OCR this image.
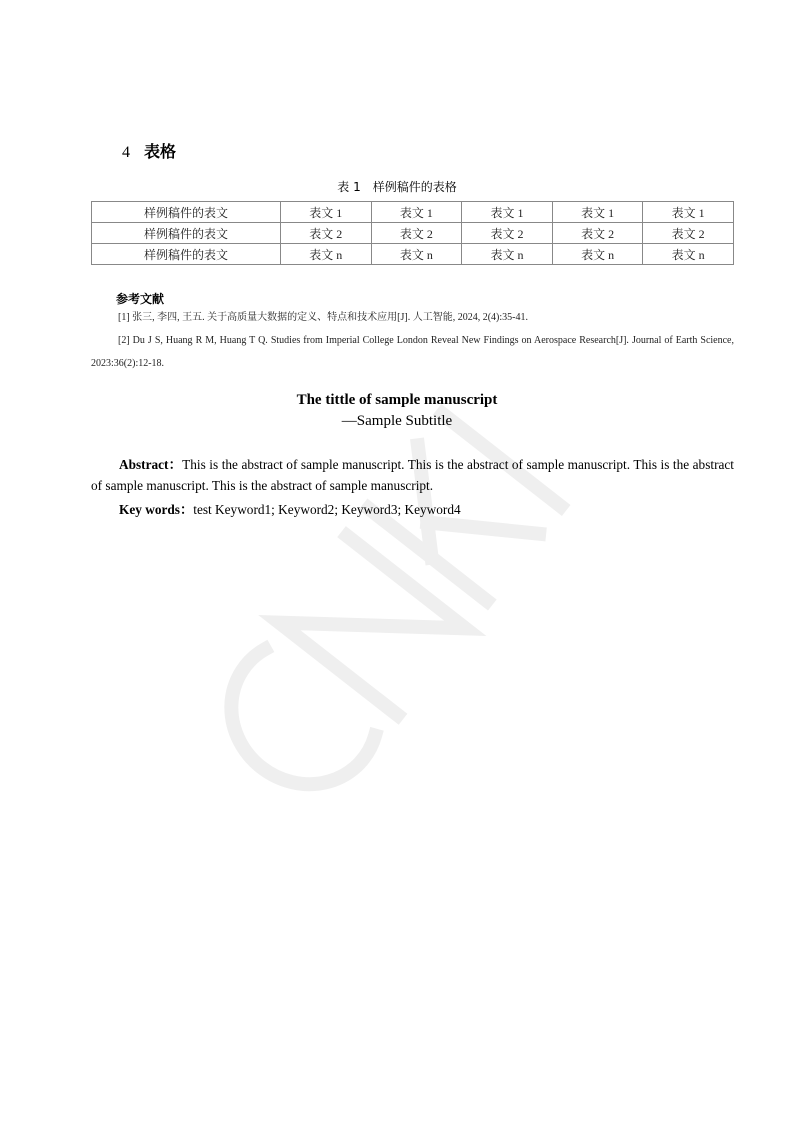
4 表格
表 1　样例稿件的表格
样例稿件的表文	表文 1	表文 1	表文 1	表文 1	表文 1
样例稿件的表文	表文 2	表文 2	表文 2	表文 2	表文 2
样例稿件的表文	表文 n	表文 n	表文 n	表文 n	表文 n
参考文献
[1] 张三, 李四, 王五. 关于高质量大数据的定义、特点和技术应用[J]. 人工智能, 2024, 2(4):35-41.
[2] Du J S, Huang R M, Huang T Q. Studies from Imperial College London Reveal New Findings on Aerospace Research[J]. Journal of Earth Science, 2023:36(2):12-18.
The tittle of sample manuscript
—Sample Subtitle
Abstract：This is the abstract of sample manuscript. This is the abstract of sample manuscript. This is the abstract of sample manuscript. This is the abstract of sample manuscript.
Key words：test Keyword1; Keyword2; Keyword3; Keyword4
